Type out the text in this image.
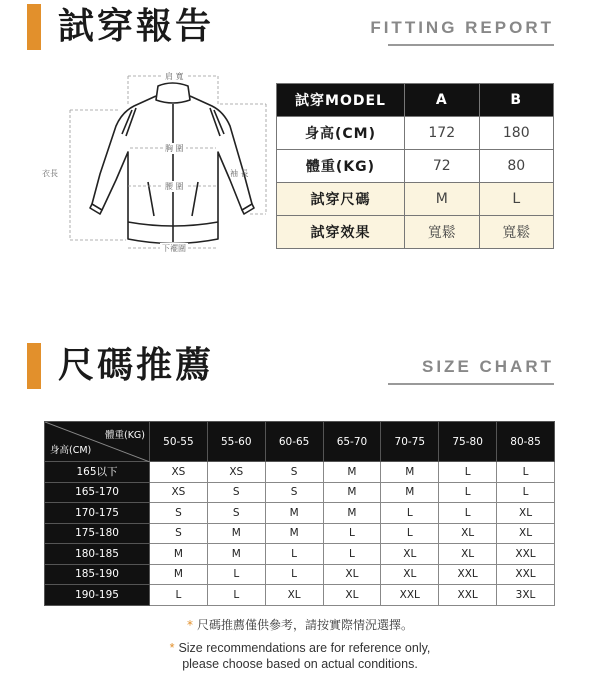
試穿報告	FITTING REPORT
肩 寬
胸 圍
腰 圍
下襬圍
衣長	袖 長
試穿MODEL	A	B
身高(CM)	172	180
體重(KG)	72	80
試穿尺碼	M	L
試穿效果	寬鬆	寬鬆
尺碼推薦	SIZE CHART
體重(KG)
身高(CM)	50-55	55-60	60-65	65-70	70-75	75-80	80-85
165以下	XS	XS	S	M	M	L	L
165-170	XS	S	S	M	M	L	L
170-175	S	S	M	M	L	L	XL
175-180	S	M	M	L	L	XL	XL
180-185	M	M	L	L	XL	XL	XXL
185-190	M	L	L	XL	XL	XXL	XXL
190-195	L	L	XL	XL	XXL	XXL	3XL
* 尺碼推薦僅供參考，請按實際情況選擇。
* Size recommendations are for reference only,
please choose based on actual conditions.
